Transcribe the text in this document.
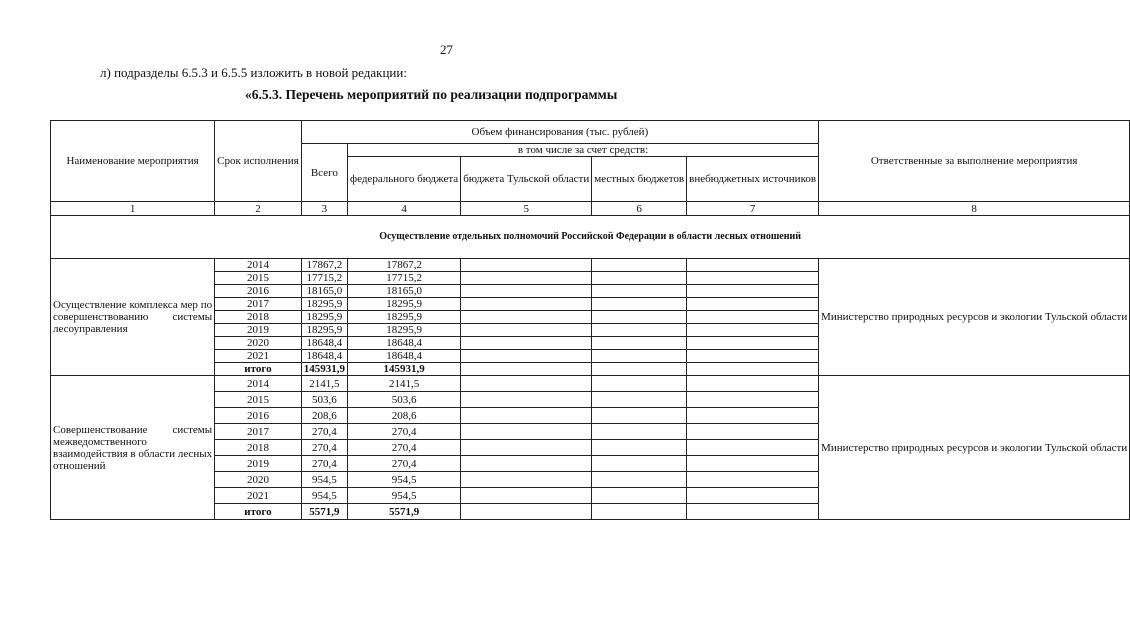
27
л) подразделы 6.5.3 и 6.5.5 изложить в новой редакции:
«6.5.3. Перечень мероприятий по реализации подпрограммы
Наименование мероприятия	Срок исполнения	Объем финансирования (тыс. рублей)					Ответственные за выполнение мероприятия
		Всего	в том числе за счет средств:				
			федерального бюджета	бюджета Тульской области	местных бюджетов	внебюджетных источников	
1	2	3	4	5	6	7	8
Осуществление отдельных полномочий Российской Федерации в области лесных отношений							

Осуществление комплекса мер по
совершенствованию системы
лесоуправления	2014	17867,2	17867,2				Министерство природных ресурсов и экологии Тульской области
	2015	17715,2	17715,2				
	2016	18165,0	18165,0				
	2017	18295,9	18295,9				
	2018	18295,9	18295,9				
	2019	18295,9	18295,9				
	2020	18648,4	18648,4				
	2021	18648,4	18648,4				
	итого	145931,9	145931,9				

Совершенствование системы
межведомственного
взаимодействия в области лесных
отношений	2014	2141,5	2141,5				Министерство природных ресурсов и экологии Тульской области
	2015	503,6	503,6				
	2016	208,6	208,6				
	2017	270,4	270,4				
	2018	270,4	270,4				
	2019	270,4	270,4				
	2020	954,5	954,5				
	2021	954,5	954,5				
	итого	5571,9	5571,9				
